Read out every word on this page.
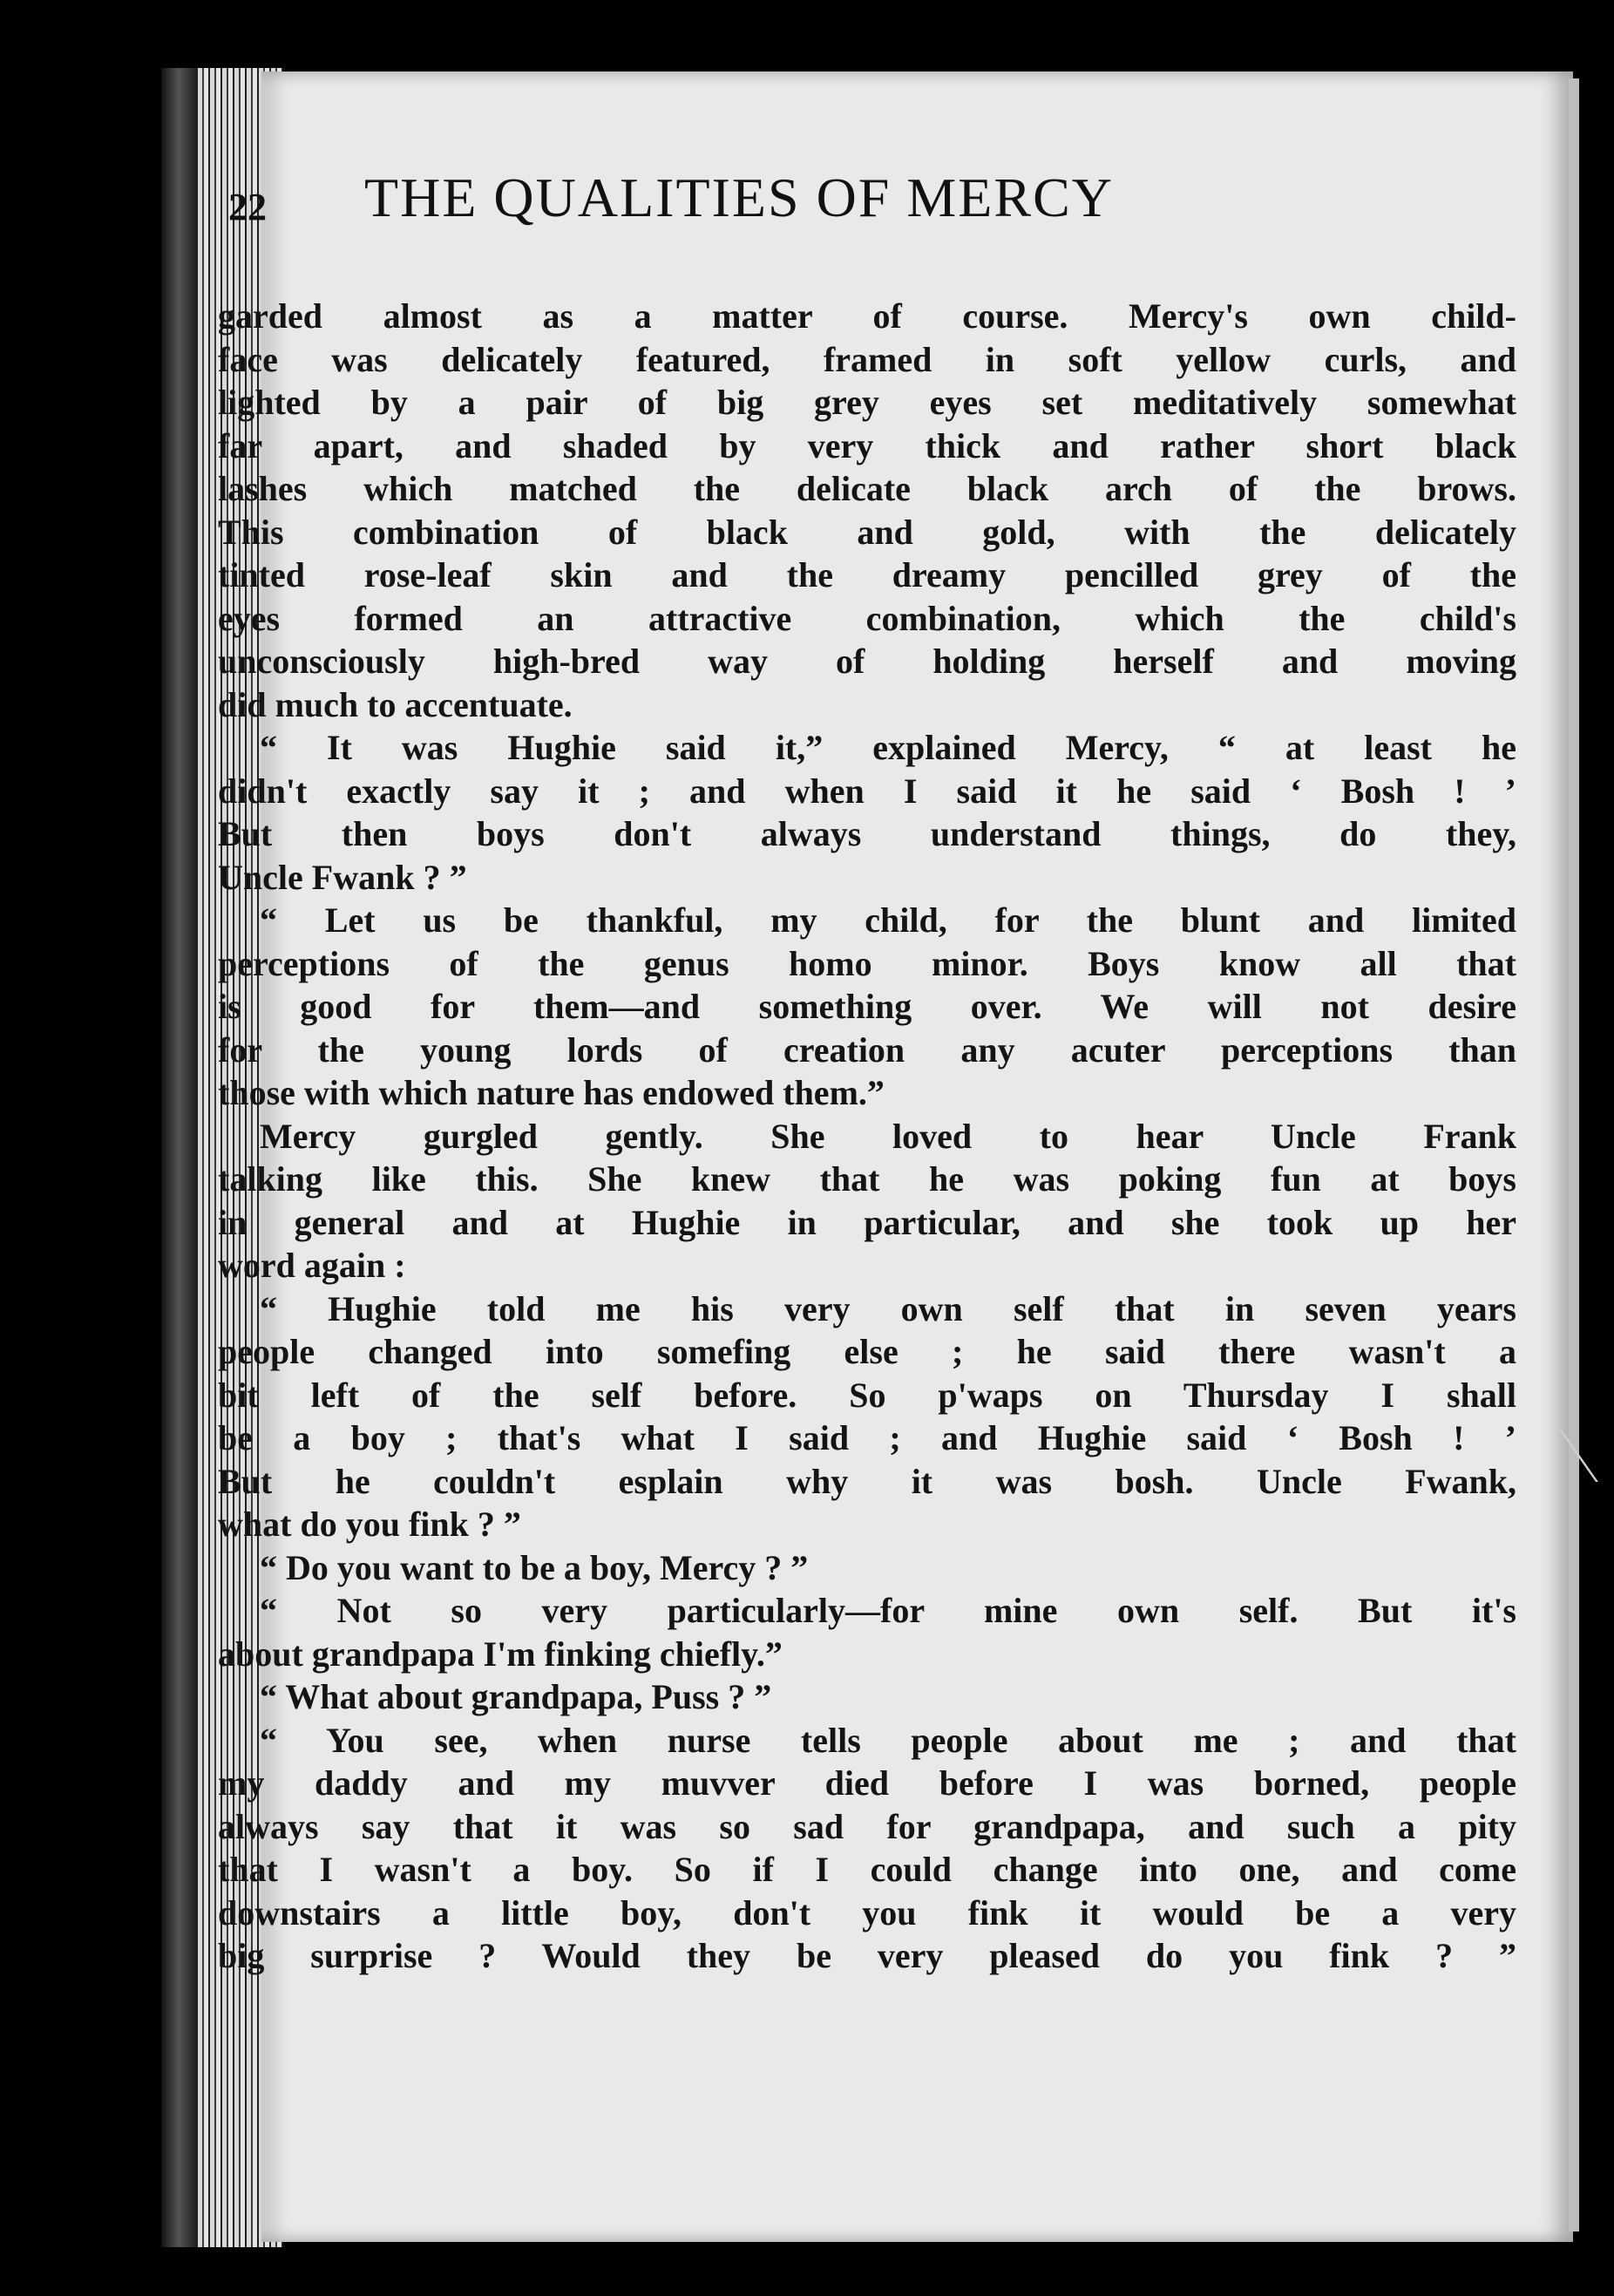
22 THE QUALITIES OF MERCY
garded almost as a matter of course. Mercy's own child-
face was delicately featured, framed in soft yellow curls, and
lighted by a pair of big grey eyes set meditatively somewhat
far apart, and shaded by very thick and rather short black
lashes which matched the delicate black arch of the brows.
This combination of black and gold, with the delicately
tinted rose-leaf skin and the dreamy pencilled grey of the
eyes formed an attractive combination, which the child's
unconsciously high-bred way of holding herself and moving
did much to accentuate.
“ It was Hughie said it,” explained Mercy, “ at least he
didn't exactly say it ; and when I said it he said ‘ Bosh ! ’
But then boys don't always understand things, do they,
Uncle Fwank ? ”
“ Let us be thankful, my child, for the blunt and limited
perceptions of the genus homo minor. Boys know all that
is good for them—and something over. We will not desire
for the young lords of creation any acuter perceptions than
those with which nature has endowed them.”
Mercy gurgled gently. She loved to hear Uncle Frank
talking like this. She knew that he was poking fun at boys
in general and at Hughie in particular, and she took up her
word again :
“ Hughie told me his very own self that in seven years
people changed into somefing else ; he said there wasn't a
bit left of the self before. So p'waps on Thursday I shall
be a boy ; that's what I said ; and Hughie said ‘ Bosh ! ’
But he couldn't esplain why it was bosh. Uncle Fwank,
what do you fink ? ”
“ Do you want to be a boy, Mercy ? ”
“ Not so very particularly—for mine own self. But it's
about grandpapa I'm finking chiefly.”
“ What about grandpapa, Puss ? ”
“ You see, when nurse tells people about me ; and that
my daddy and my muvver died before I was borned, people
always say that it was so sad for grandpapa, and such a pity
that I wasn't a boy. So if I could change into one, and come
downstairs a little boy, don't you fink it would be a very
big surprise ? Would they be very pleased do you fink ? ”
